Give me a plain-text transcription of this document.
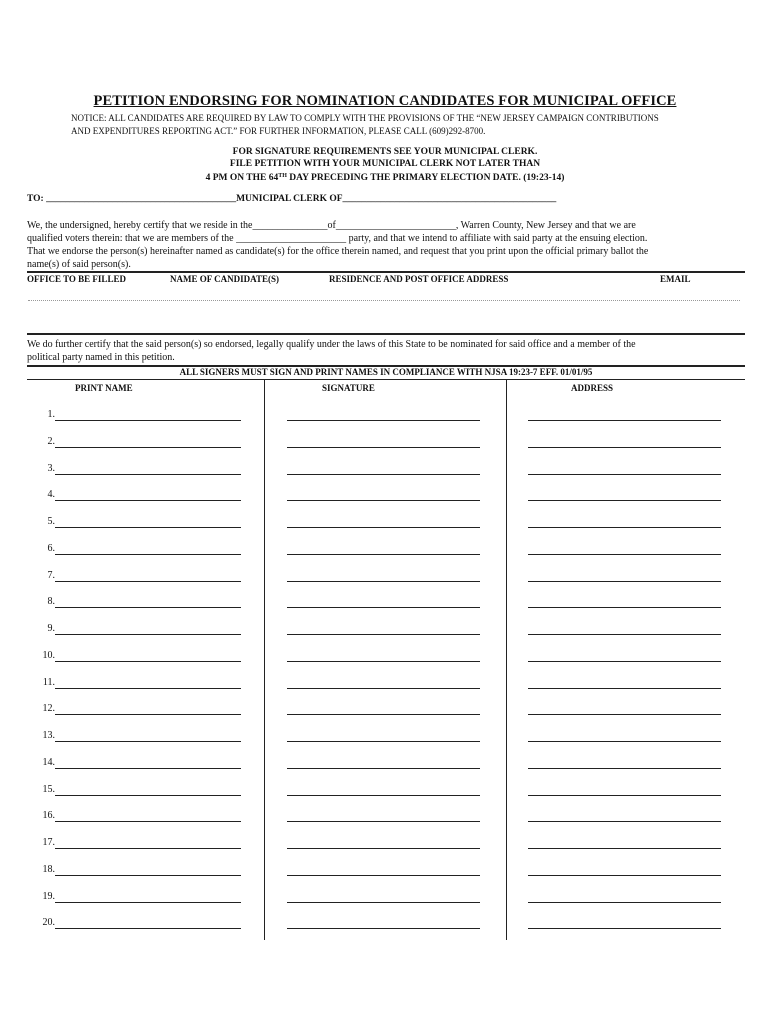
PETITION ENDORSING FOR NOMINATION CANDIDATES FOR MUNICIPAL OFFICE
NOTICE: ALL CANDIDATES ARE REQUIRED BY LAW TO COMPLY WITH THE PROVISIONS OF THE “NEW JERSEY CAMPAIGN CONTRIBUTIONS
AND EXPENDITURES REPORTING ACT.” FOR FURTHER INFORMATION, PLEASE CALL (609)292-8700.
FOR SIGNATURE REQUIREMENTS SEE YOUR MUNICIPAL CLERK.
FILE PETITION WITH YOUR MUNICIPAL CLERK NOT LATER THAN
4 PM ON THE 64TH DAY PRECEDING THE PRIMARY ELECTION DATE. (19:23-14)
TO: ________________________________________MUNICIPAL CLERK OF_____________________________________________
We, the undersigned, hereby certify that we reside in the_______________of________________________, Warren County, New Jersey and that we are
qualified voters therein: that we are members of the ______________________ party, and that we intend to affiliate with said party at the ensuing election.
That we endorse the person(s) hereinafter named as candidate(s) for the office therein named, and request that you print upon the official primary ballot the
name(s) of said person(s).
OFFICE TO BE FILLED	NAME OF CANDIDATE(S)	RESIDENCE AND POST OFFICE ADDRESS	EMAIL
We do further certify that the said person(s) so endorsed, legally qualify under the laws of this State to be nominated for said office and a member of the
political party named in this petition.
ALL SIGNERS MUST SIGN AND PRINT NAMES IN COMPLIANCE WITH NJSA 19:23-7 EFF. 01/01/95
PRINT NAME	SIGNATURE	ADDRESS
1.
2.
3.
4.
5.
6.
7.
8.
9.
10.
11.
12.
13.
14.
15.
16.
17.
18.
19.
20.
